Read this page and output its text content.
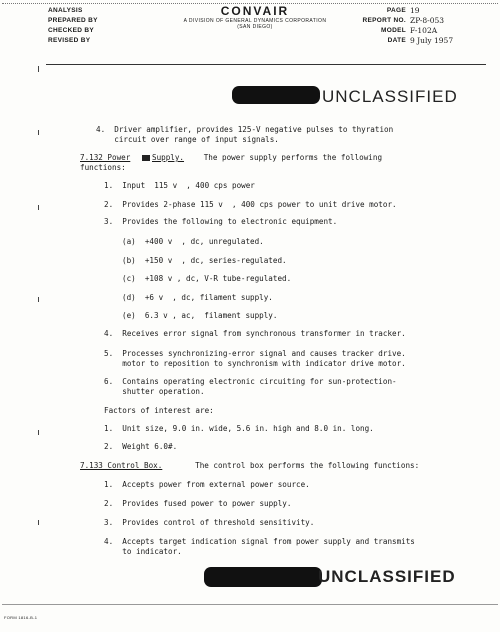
ANALYSIS
PREPARED BY
CHECKED BY
REVISED BY
CONVAIR
A DIVISION OF GENERAL DYNAMICS CORPORATION
(SAN DIEGO)
PAGE 19
REPORT NO. ZP-8-053
MODEL F-102A
DATE 9 July 1957
UNCLASSIFIED
4.  Driver amplifier, provides 125-V negative pulses to thyration
circuit over range of input signals.
7.132 Power	Supply. The power supply performs the following
functions:
1.  Input  115 v  , 400 cps power
2.  Provides 2-phase 115 v  , 400 cps power to unit drive motor.
3.  Provides the following to electronic equipment.
(a)  +400 v  , dc, unregulated.
(b)  +150 v  , dc, series-regulated.
(c)  +108 v , dc, V-R tube-regulated.
(d)  +6 v  , dc, filament supply.
(e)  6.3 v , ac,  filament supply.
4.  Receives error signal from synchronous transformer in tracker.
5.  Processes synchronizing-error signal and causes tracker drive.
motor to reposition to synchronism with indicator drive motor.
6.  Contains operating electronic circuiting for sun-protection-
shutter operation.
Factors of interest are:
1.  Unit size, 9.0 in. wide, 5.6 in. high and 8.0 in. long.
2.  Weight 6.0#.
7.133 Control Box.	The control box performs the following functions:
1.  Accepts power from external power source.
2.  Provides fused power to power supply.
3.  Provides control of threshold sensitivity.
4.  Accepts target indication signal from power supply and transmits
to indicator.
UNCLASSIFIED
FORM 1816-B-1
